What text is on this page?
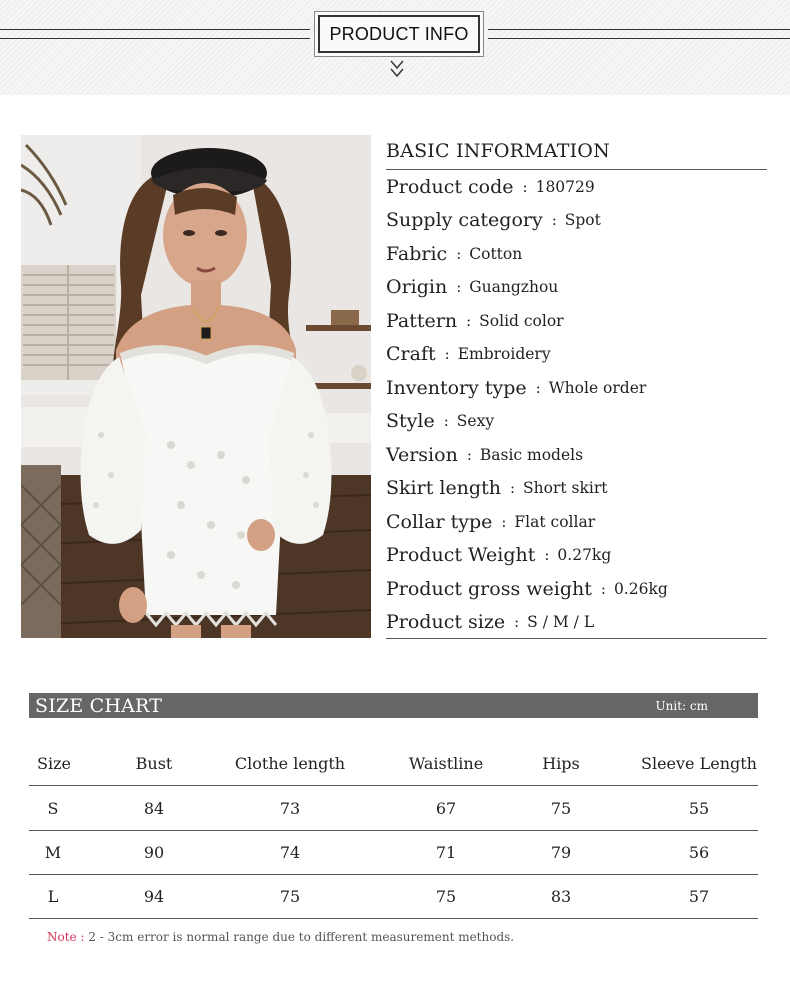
PRODUCT INFO
BASIC INFORMATION
Product code : 180729
Supply category : Spot
Fabric : Cotton
Origin : Guangzhou
Pattern : Solid color
Craft : Embroidery
Inventory type : Whole order
Style : Sexy
Version : Basic models
Skirt length : Short skirt
Collar type : Flat collar
Product Weight : 0.27kg
Product gross weight : 0.26kg
Product size : S / M / L
SIZE CHART	Unit: cm
Size	Bust	Clothe length	Waistline	Hips	Sleeve Length
S	84	73	67	75	55
M	90	74	71	79	56
L	94	75	75	83	57
Note : 2 - 3cm error is normal range due to different measurement methods.
